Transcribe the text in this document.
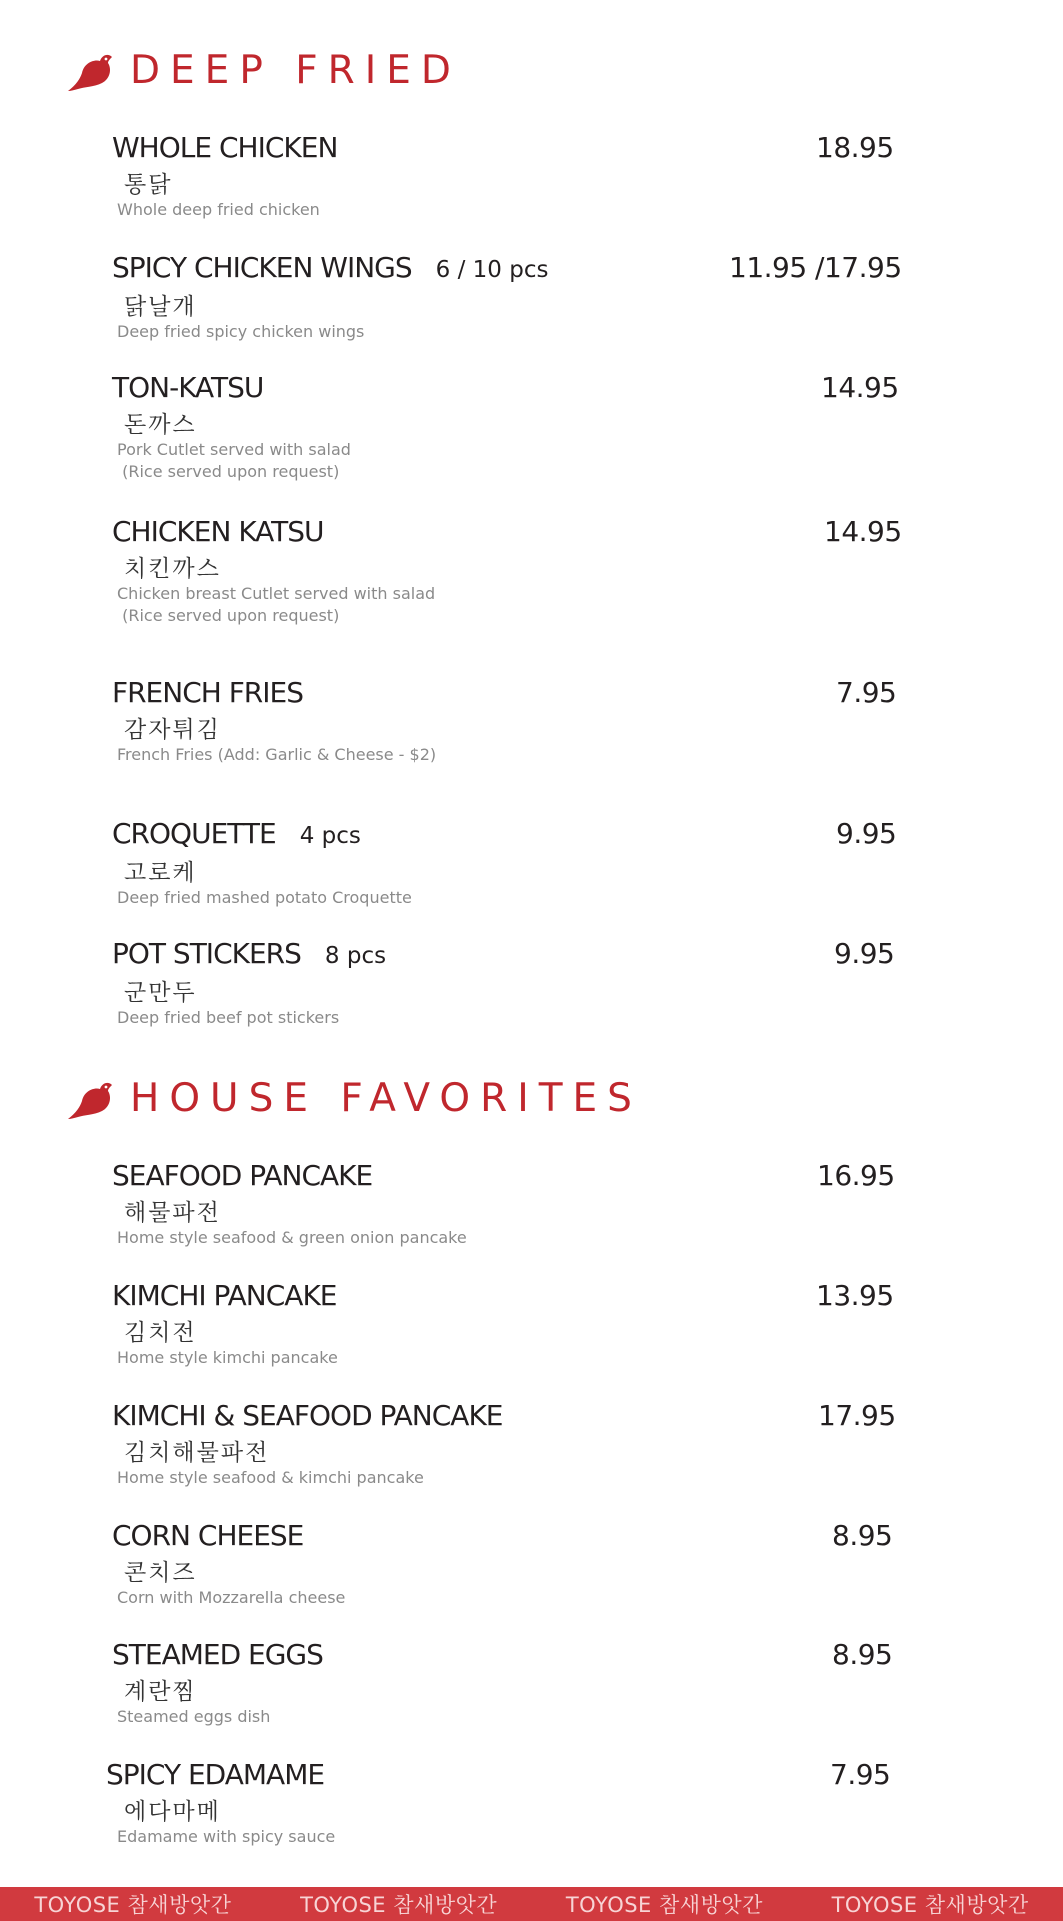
DEEP FRIED
WHOLE CHICKEN	18.95
통닭
Whole deep fried chicken
SPICY CHICKEN WINGS 6 / 10 pcs	11.95 /17.95
닭날개
Deep fried spicy chicken wings
TON-KATSU	14.95
돈까스
Pork Cutlet served with salad
(Rice served upon request)
CHICKEN KATSU	14.95
치킨까스
Chicken breast Cutlet served with salad
(Rice served upon request)
FRENCH FRIES	7.95
감자튀김
French Fries (Add: Garlic & Cheese - $2)
CROQUETTE 4 pcs	9.95
고로케
Deep fried mashed potato Croquette
POT STICKERS 8 pcs	9.95
군만두
Deep fried beef pot stickers
HOUSE FAVORITES
SEAFOOD PANCAKE	16.95
해물파전
Home style seafood & green onion pancake
KIMCHI PANCAKE	13.95
김치전
Home style kimchi pancake
KIMCHI & SEAFOOD PANCAKE	17.95
김치해물파전
Home style seafood & kimchi pancake
CORN CHEESE	8.95
콘치즈
Corn with Mozzarella cheese
STEAMED EGGS	8.95
계란찜
Steamed eggs dish
SPICY EDAMAME	7.95
에다마메
Edamame with spicy sauce
TOYOSE 참새방앗간	TOYOSE 참새방앗간	TOYOSE 참새방앗간	TOYOSE 참새방앗간
